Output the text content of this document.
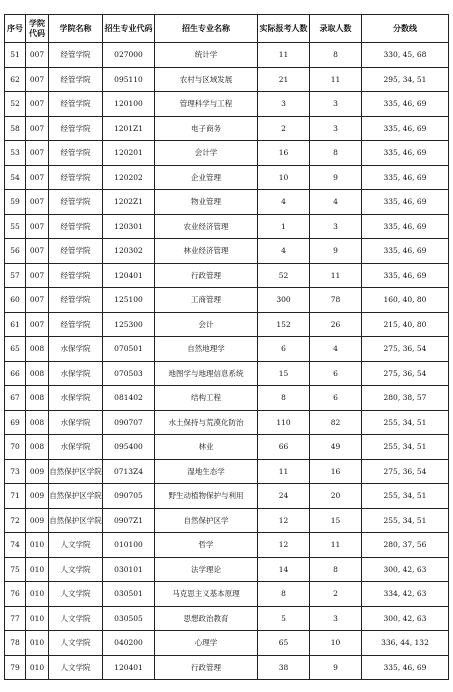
序号	学院代码	学院名称	招生专业代码	招生专业名称	实际报考人数	录取人数	分数线
51	007	经管学院	027000	统计学	11	8	330, 45, 68
62	007	经管学院	095110	农村与区域发展	21	11	295, 34, 51
52	007	经管学院	120100	管理科学与工程	3	3	335, 46, 69
58	007	经管学院	1201Z1	电子商务	2	3	335, 46, 69
53	007	经管学院	120201	会计学	16	8	335, 46, 69
54	007	经管学院	120202	企业管理	10	9	335, 46, 69
59	007	经管学院	1202Z1	物业管理	4	4	335, 46, 69
55	007	经管学院	120301	农业经济管理	1	3	335, 46, 69
56	007	经管学院	120302	林业经济管理	4	9	335, 46, 69
57	007	经管学院	120401	行政管理	52	11	335, 46, 69
60	007	经管学院	125100	工商管理	300	78	160, 40, 80
61	007	经管学院	125300	会计	152	26	215, 40, 80
65	008	水保学院	070501	自然地理学	6	4	275, 36, 54
66	008	水保学院	070503	地图学与地理信息系统	15	6	275, 36, 54
67	008	水保学院	081402	结构工程	8	6	280, 38, 57
69	008	水保学院	090707	水土保持与荒漠化防治	110	82	255, 34, 51
70	008	水保学院	095400	林业	66	49	255, 34, 51
73	009	自然保护区学院	0713Z4	湿地生态学	11	16	275, 36, 54
71	009	自然保护区学院	090705	野生动植物保护与利用	24	20	255, 34, 51
72	009	自然保护区学院	0907Z1	自然保护区学	12	15	255, 34, 51
74	010	人文学院	010100	哲学	12	11	280, 37, 56
75	010	人文学院	030101	法学理论	14	8	300, 42, 63
76	010	人文学院	030501	马克思主义基本原理	8	2	334, 42, 63
77	010	人文学院	030505	思想政治教育	5	3	300, 42, 63
78	010	人文学院	040200	心理学	65	10	336, 44, 132
79	010	人文学院	120401	行政管理	38	9	335, 46, 69
